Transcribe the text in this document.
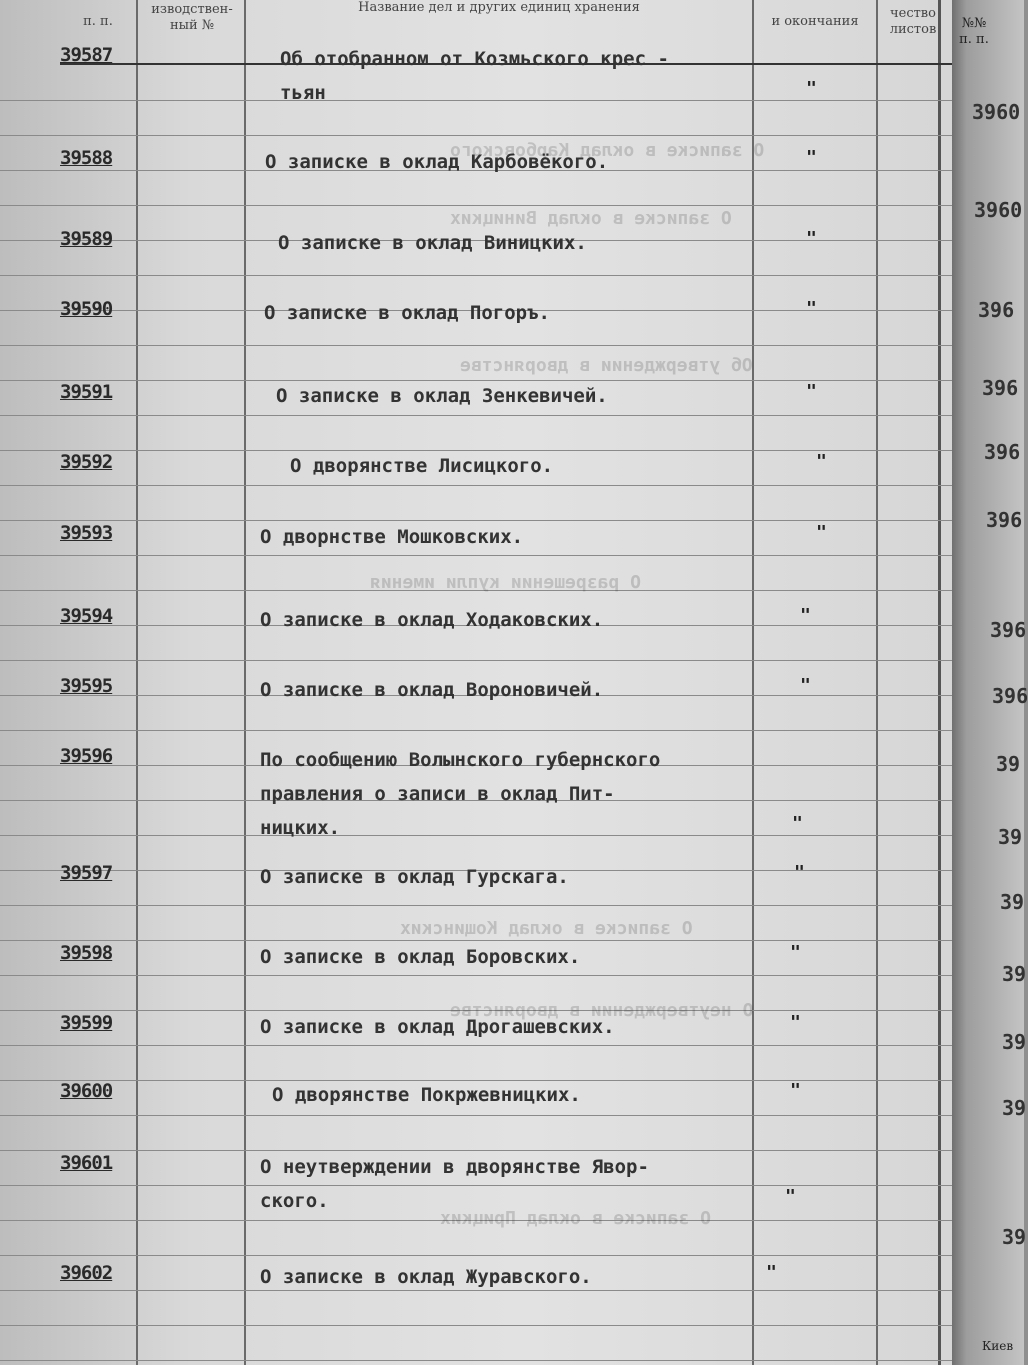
п. п.
изводствен-
ный №
Название дел и других единиц хранения
и окончания
чество
листов
39587	Об отобранном от Козмьского крес -
тьян	"
39588	О записке в оклад Карбовёкого.	"
39589	О записке в оклад Виницких.	"
39590	О записке в оклад Погоръ.	"
39591	О записке в оклад Зенкевичей.	"
39592	О дворянстве Лисицкого.	"
39593	О дворнстве Мошковских.	"
39594	О записке в оклад Ходаковских.	"
39595	О записке в оклад Вороновичей.	"
39596	По сообщению Волынского губернского
правления о записи в оклад Пит-
ницких.	"
39597	О записке в оклад Гурскага.	"
39598	О записке в оклад Боровских.	"
39599	О записке в оклад Дрогашевских.	"
39600	О дворянстве Покржевницких.	"
39601	О неутверждении в дворянстве Явор-
ского.	"
39602	О записке в оклад Журавского.	"
О записке в оклад Карбовского
О записке в оклад Виницких
Об утверждении в дворянстве
О разрешении купли имения
О записке в оклад Кощинских
О неутверждении в дворянстве
О записке в оклад Прицких
№№
п. п.
3960
3960
396
396
396
396
396
396
39
39
39
39
39
39
39
Киев
